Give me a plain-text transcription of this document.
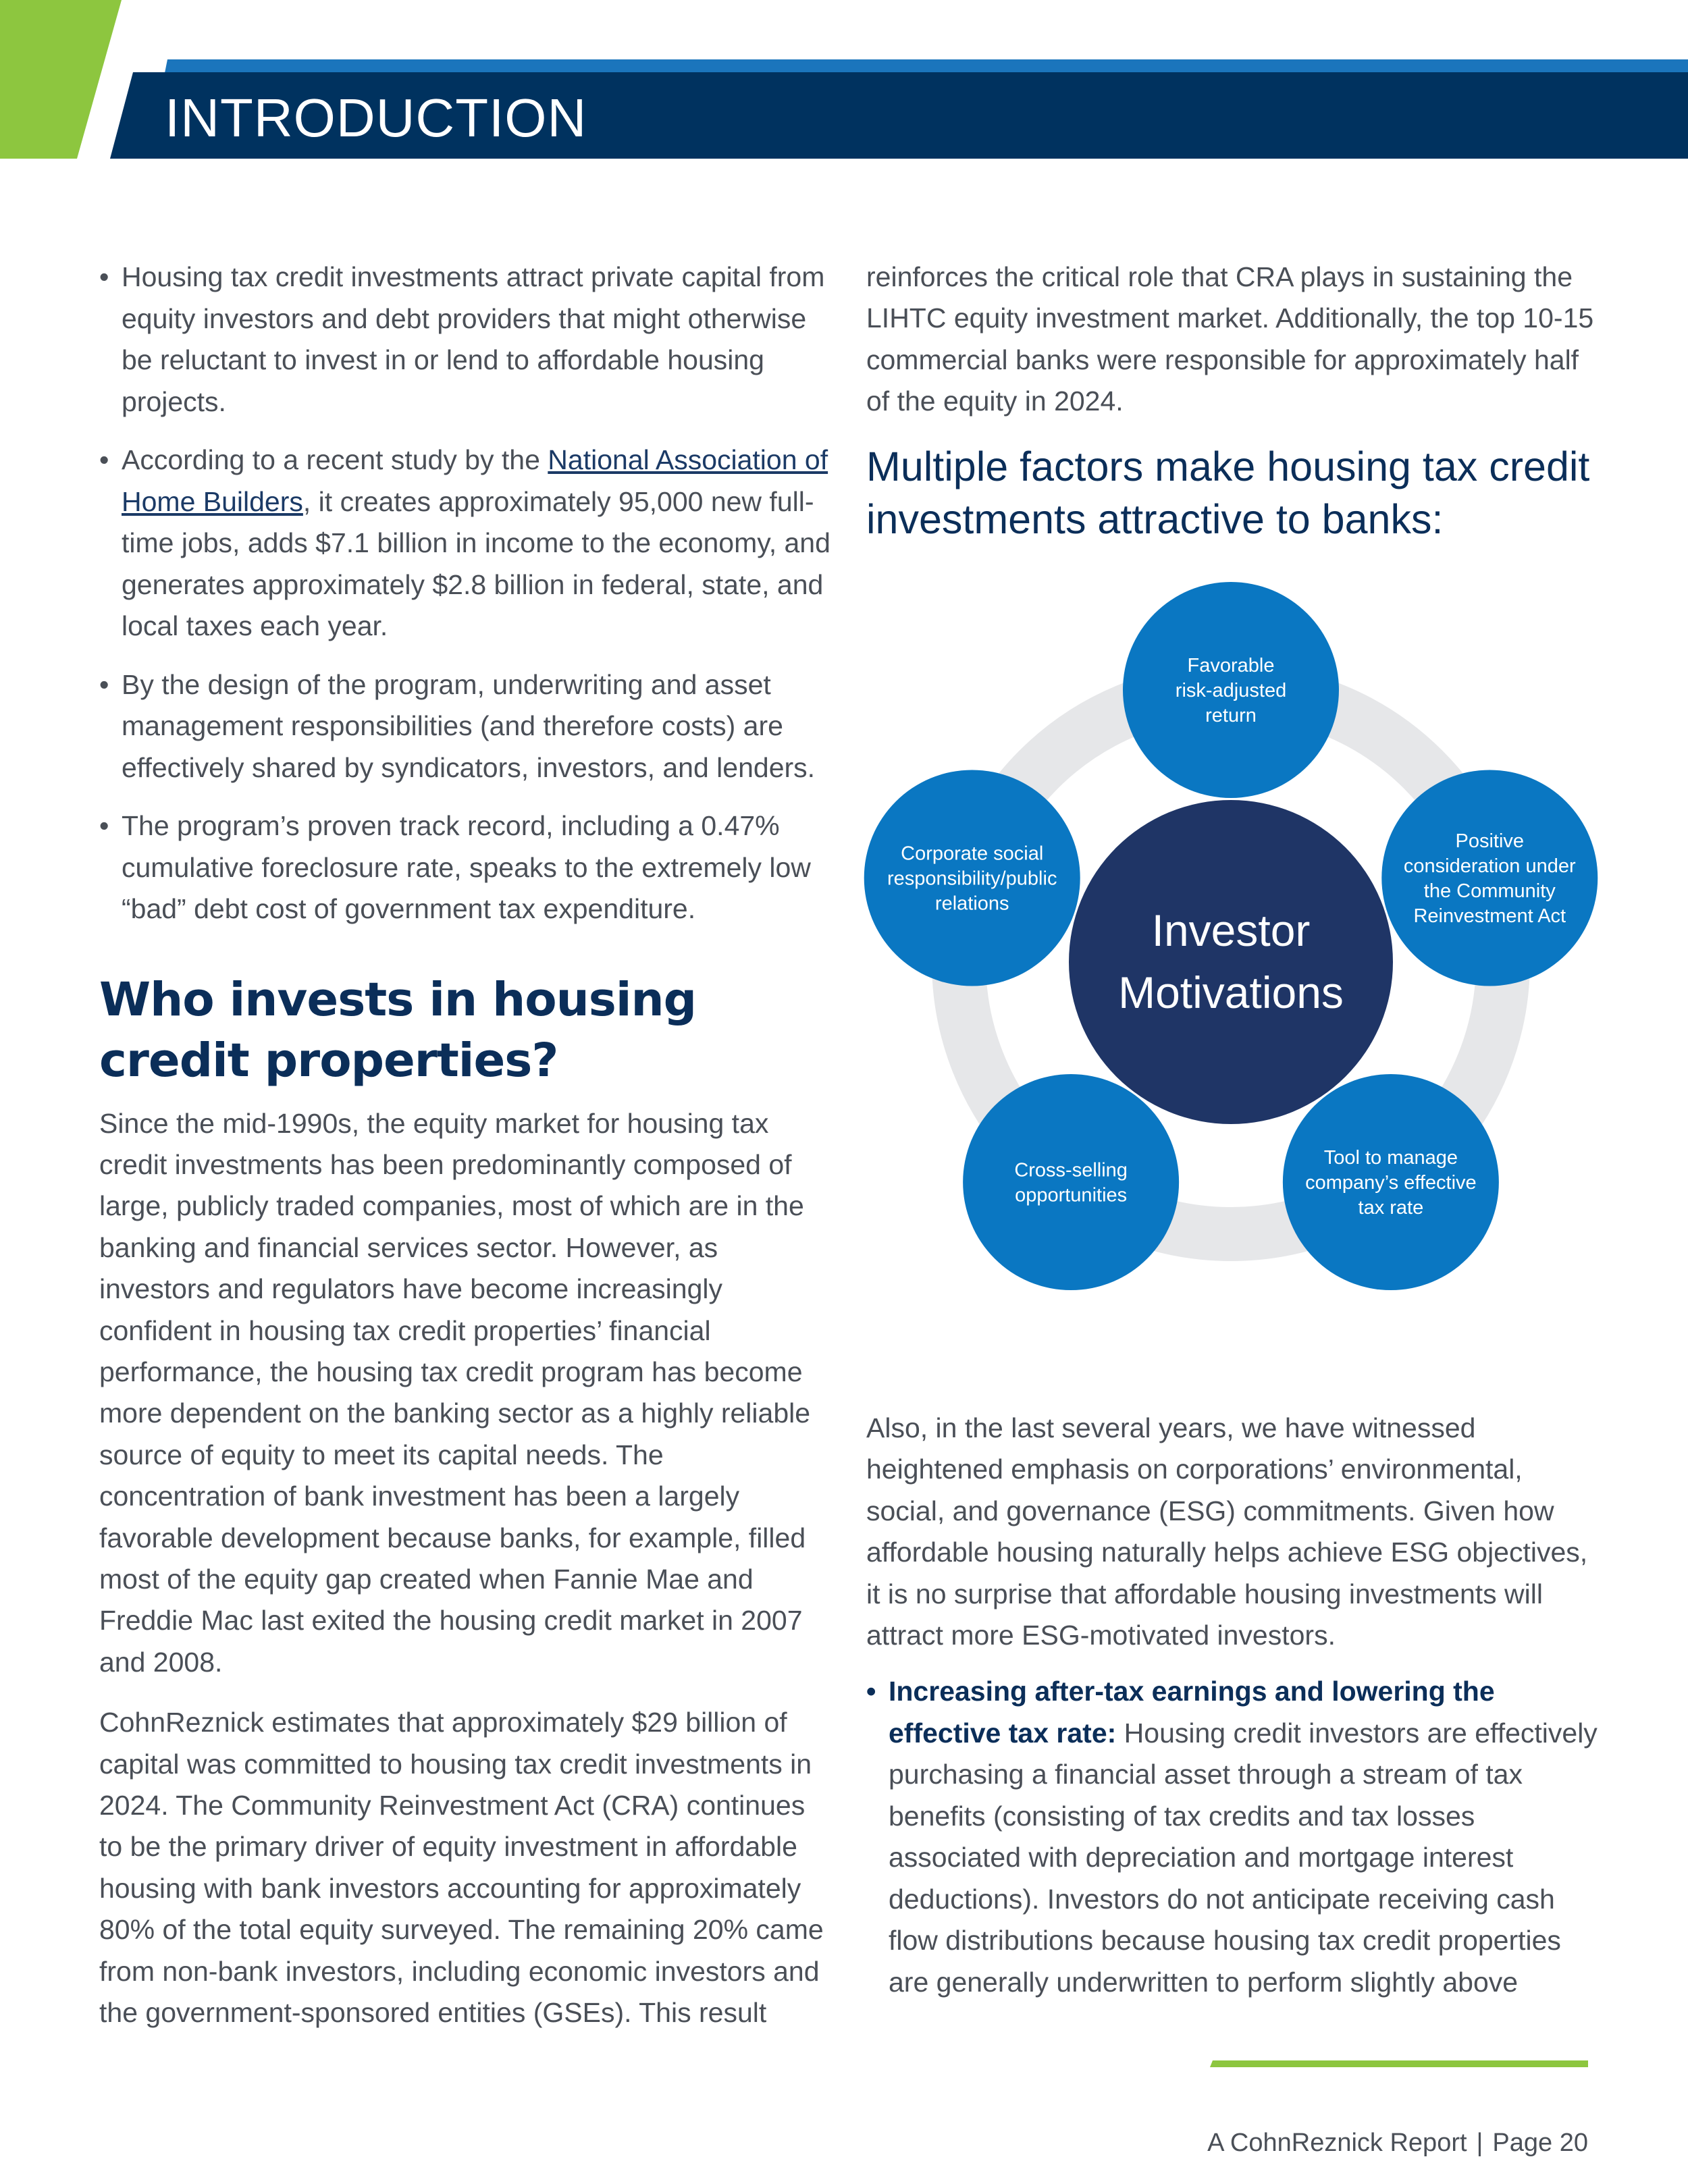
INTRODUCTION
• Housing tax credit investments attract private capital from equity investors and debt providers that might otherwise be reluctant to invest in or lend to affordable housing projects.
• According to a recent study by the National Association of Home Builders, it creates approximately 95,000 new full-time jobs, adds $7.1 billion in income to the economy, and generates approximately $2.8 billion in federal, state, and local taxes each year.
• By the design of the program, underwriting and asset management responsibilities (and therefore costs) are effectively shared by syndicators, investors, and lenders.
• The program’s proven track record, including a 0.47% cumulative foreclosure rate, speaks to the extremely low “bad” debt cost of government tax expenditure.
Who invests in housing credit properties?

Since the mid-1990s, the equity market for housing tax credit investments has been predominantly composed of large, publicly traded companies, most of which are in the banking and financial services sector. However, as investors and regulators have become increasingly confident in housing tax credit properties’ financial performance, the housing tax credit program has become more dependent on the banking sector as a highly reliable source of equity to meet its capital needs. The concentration of bank investment has been a largely favorable development because banks, for example, filled most of the equity gap created when Fannie Mae and Freddie Mac last exited the housing credit market in 2007 and 2008.

CohnReznick estimates that approximately $29 billion of capital was committed to housing tax credit investments in 2024. The Community Reinvestment Act (CRA) continues to be the primary driver of equity investment in affordable housing with bank investors accounting for approximately 80% of the total equity surveyed. The remaining 20% came from non-bank investors, including economic investors and the government-sponsored entities (GSEs). This result

reinforces the critical role that CRA plays in sustaining the LIHTC equity investment market. Additionally, the top 10-15 commercial banks were responsible for approximately half of the equity in 2024.

Multiple factors make housing tax credit investments attractive to banks:
Favorable risk-adjusted return
Positive consideration under the Community Reinvestment Act
Tool to manage company’s effective tax rate
Cross-selling opportunities
Corporate social responsibility/public relations
Investor Motivations

Also, in the last several years, we have witnessed heightened emphasis on corporations’ environmental, social, and governance (ESG) commitments. Given how affordable housing naturally helps achieve ESG objectives, it is no surprise that affordable housing investments will attract more ESG-motivated investors.

• Increasing after-tax earnings and lowering the effective tax rate: Housing credit investors are effectively purchasing a financial asset through a stream of tax benefits (consisting of tax credits and tax losses associated with depreciation and mortgage interest deductions). Investors do not anticipate receiving cash flow distributions because housing tax credit properties are generally underwritten to perform slightly above
A CohnReznick Report | Page 20
